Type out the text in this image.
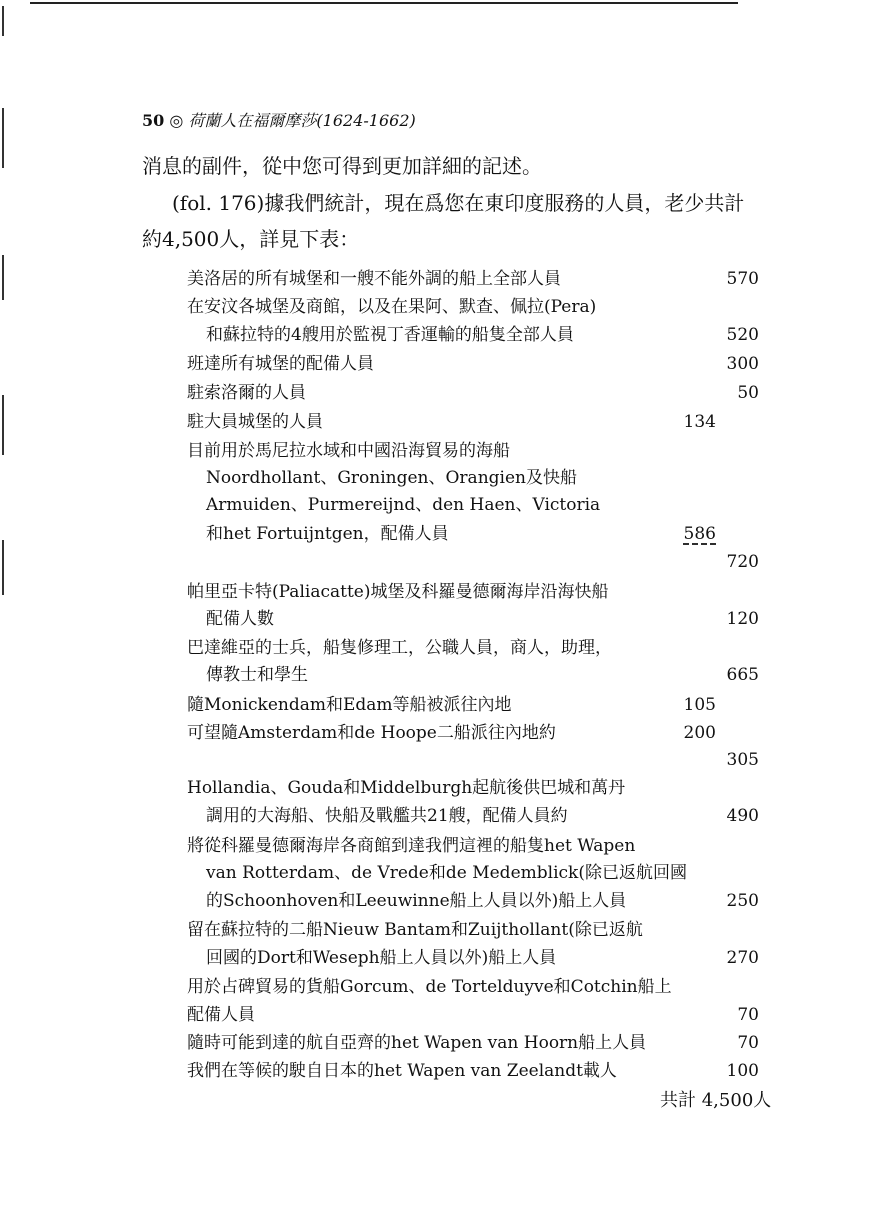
50 ◎ 荷蘭人在福爾摩莎(1624-1662)
消息的副件，從中您可得到更加詳細的記述。
(fol. 176)據我們統計，現在爲您在東印度服務的人員，老少共計
約4,500人，詳見下表：
美洛居的所有城堡和一艘不能外調的船上全部人員	570
在安汶各城堡及商館，以及在果阿、默查、佩拉(Pera)
和蘇拉特的4艘用於監視丁香運輸的船隻全部人員	520
班達所有城堡的配備人員	300
駐索洛爾的人員	50
駐大員城堡的人員	134
目前用於馬尼拉水域和中國沿海貿易的海船
Noordhollant、Groningen、Orangien及快船
Armuiden、Purmereijnd、den Haen、Victoria
和het Fortuijntgen，配備人員	586
720
帕里亞卡特(Paliacatte)城堡及科羅曼德爾海岸沿海快船
配備人數	120
巴達維亞的士兵，船隻修理工，公職人員，商人，助理，
傳教士和學生	665
隨Monickendam和Edam等船被派往內地	105
可望隨Amsterdam和de Hoope二船派往內地約	200
305
Hollandia、Gouda和Middelburgh起航後供巴城和萬丹
調用的大海船、快船及戰艦共21艘，配備人員約	490
將從科羅曼德爾海岸各商館到達我們這裡的船隻het Wapen
van Rotterdam、de Vrede和de Medemblick(除已返航回國
的Schoonhoven和Leeuwinne船上人員以外)船上人員	250
留在蘇拉特的二船Nieuw Bantam和Zuijthollant(除已返航
回國的Dort和Weseph船上人員以外)船上人員	270
用於占碑貿易的貨船Gorcum、de Tortelduyve和Cotchin船上
配備人員	70
隨時可能到達的航自亞齊的het Wapen van Hoorn船上人員	70
我們在等候的駛自日本的het Wapen van Zeelandt載人	100
共計 4,500人
